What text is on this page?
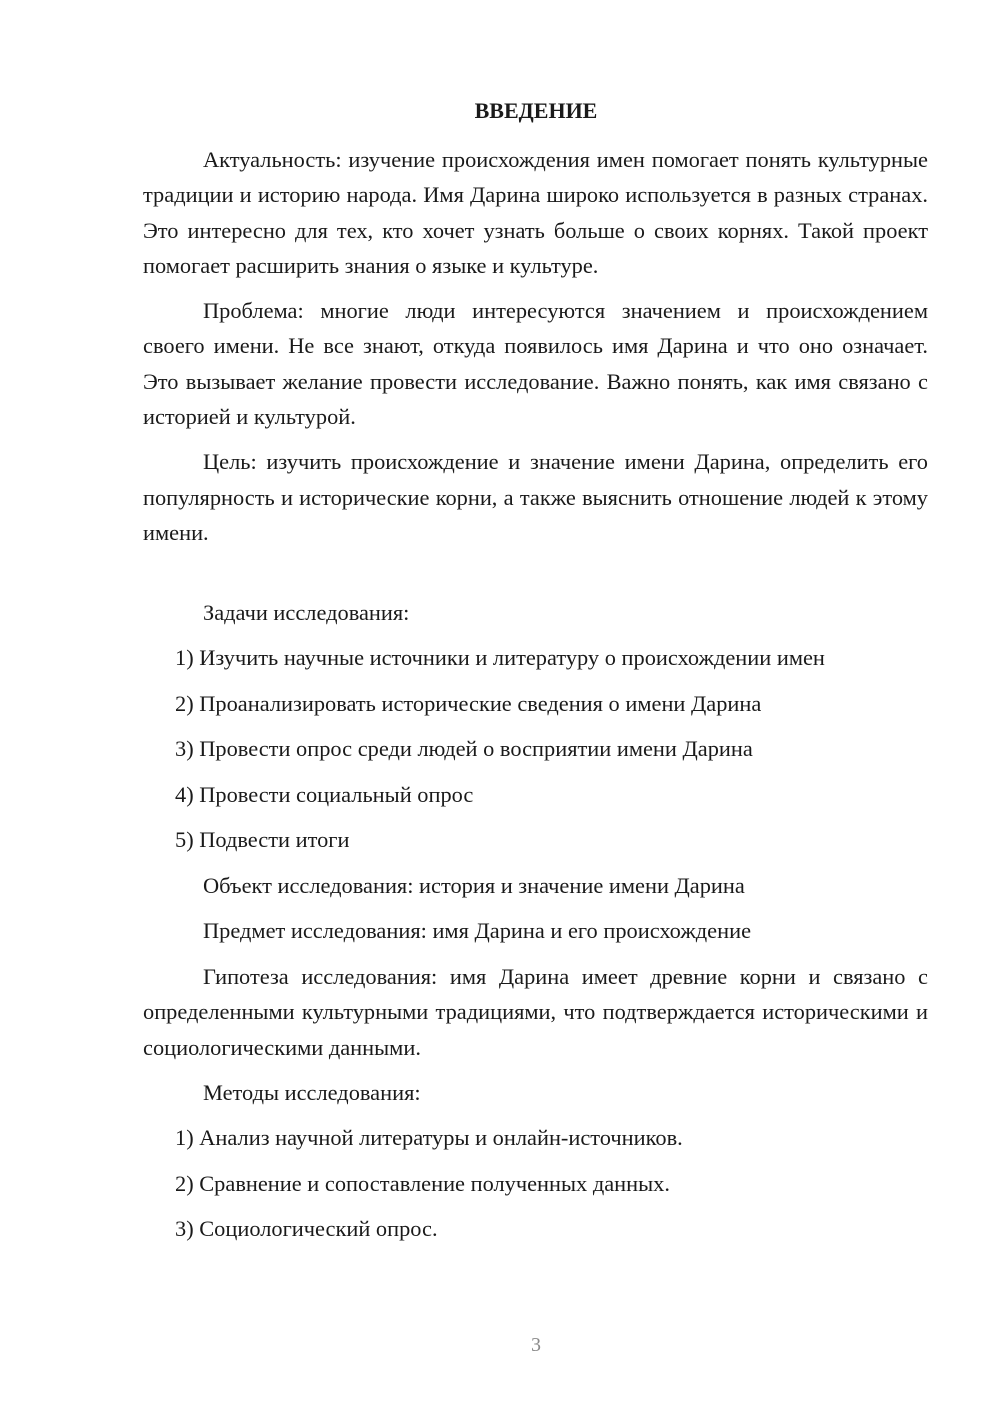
ВВЕДЕНИЕ

Актуальность: изучение происхождения имен помогает понять культурные традиции и историю народа. Имя Дарина широко используется в разных странах. Это интересно для тех, кто хочет узнать больше о своих корнях. Такой проект помогает расширить знания о языке и культуре.

Проблема: многие люди интересуются значением и происхождением своего имени. Не все знают, откуда появилось имя Дарина и что оно означает. Это вызывает желание провести исследование. Важно понять, как имя связано с историей и культурой.

Цель: изучить происхождение и значение имени Дарина, определить его популярность и исторические корни, а также выяснить отношение людей к этому имени.

Задачи исследования:

1) Изучить научные источники и литературу о происхождении имен

2) Проанализировать исторические сведения о имени Дарина

3) Провести опрос среди людей о восприятии имени Дарина

4) Провести социальный опрос

5) Подвести итоги

Объект исследования: история и значение имени Дарина

Предмет исследования: имя Дарина и его происхождение

Гипотеза исследования: имя Дарина имеет древние корни и связано с определенными культурными традициями, что подтверждается историческими и социологическими данными.

Методы исследования:

1) Анализ научной литературы и онлайн-источников.

2) Сравнение и сопоставление полученных данных.

3) Социологический опрос.

3
